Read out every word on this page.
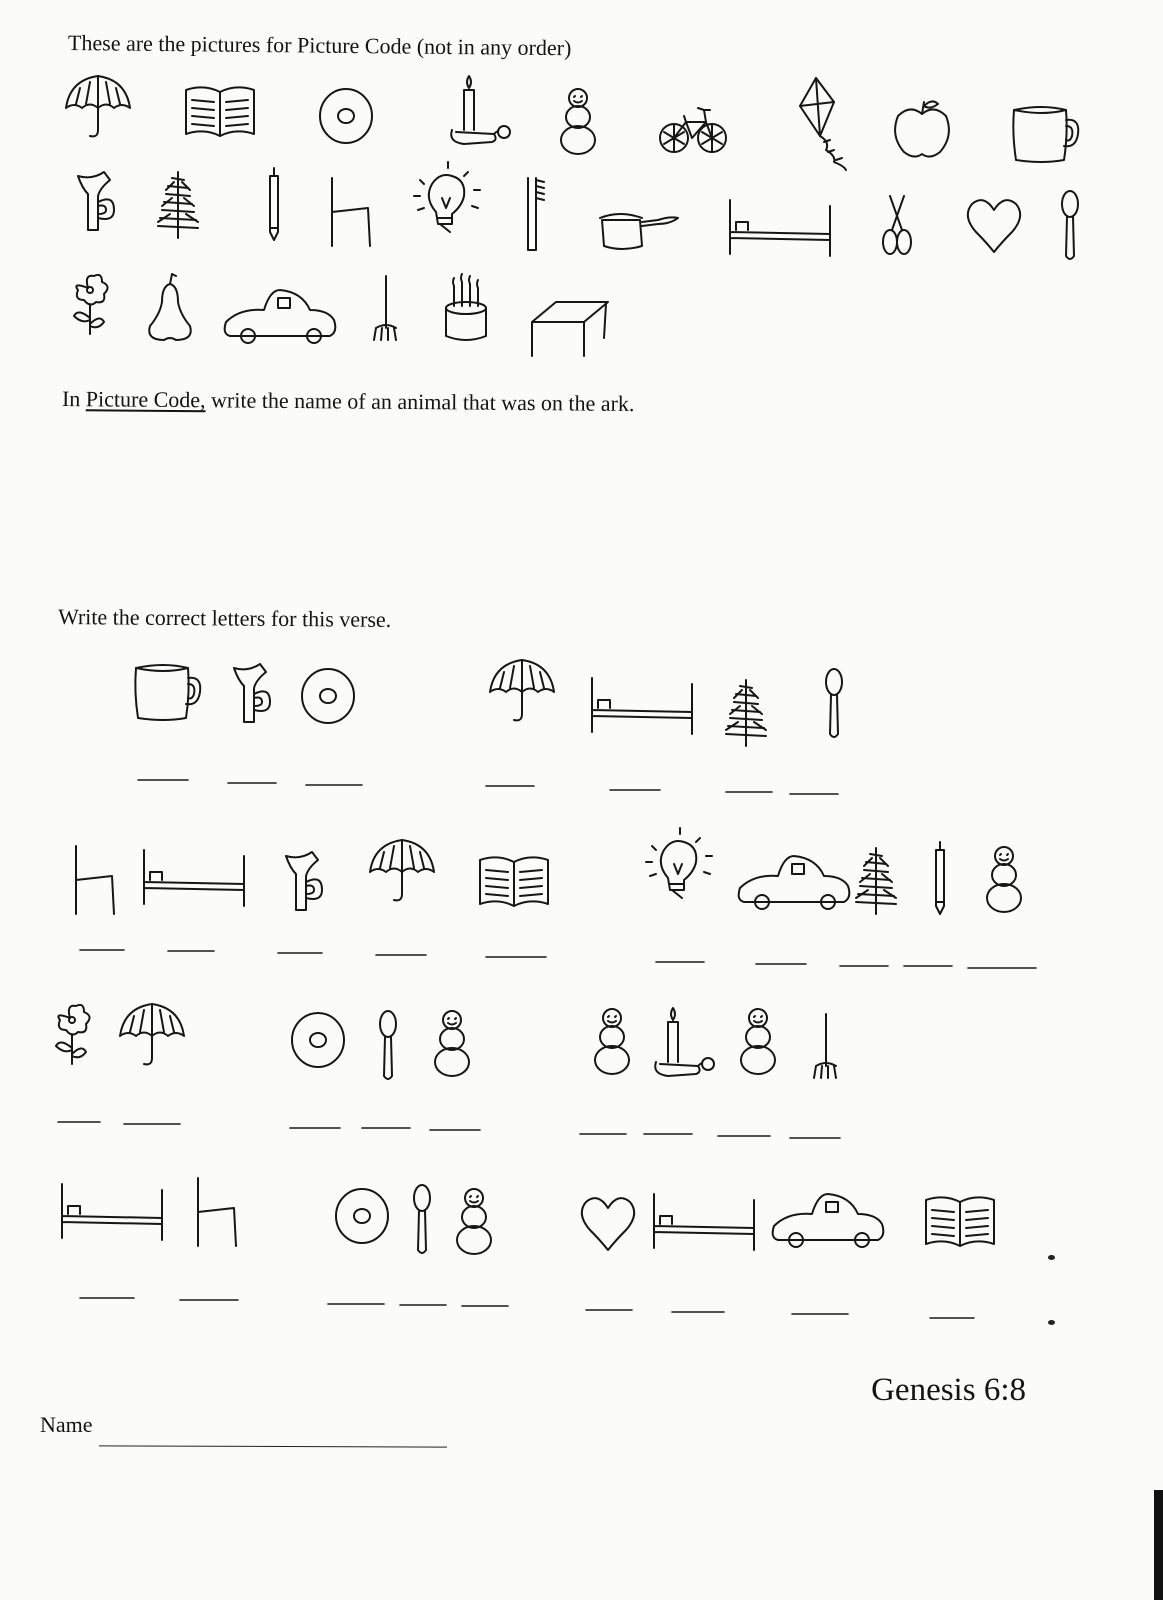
These are the pictures for Picture Code (not in any order)
In Picture Code, write the name of an animal that was on the ark.
Write the correct letters for this verse.
Genesis 6:8
Name
